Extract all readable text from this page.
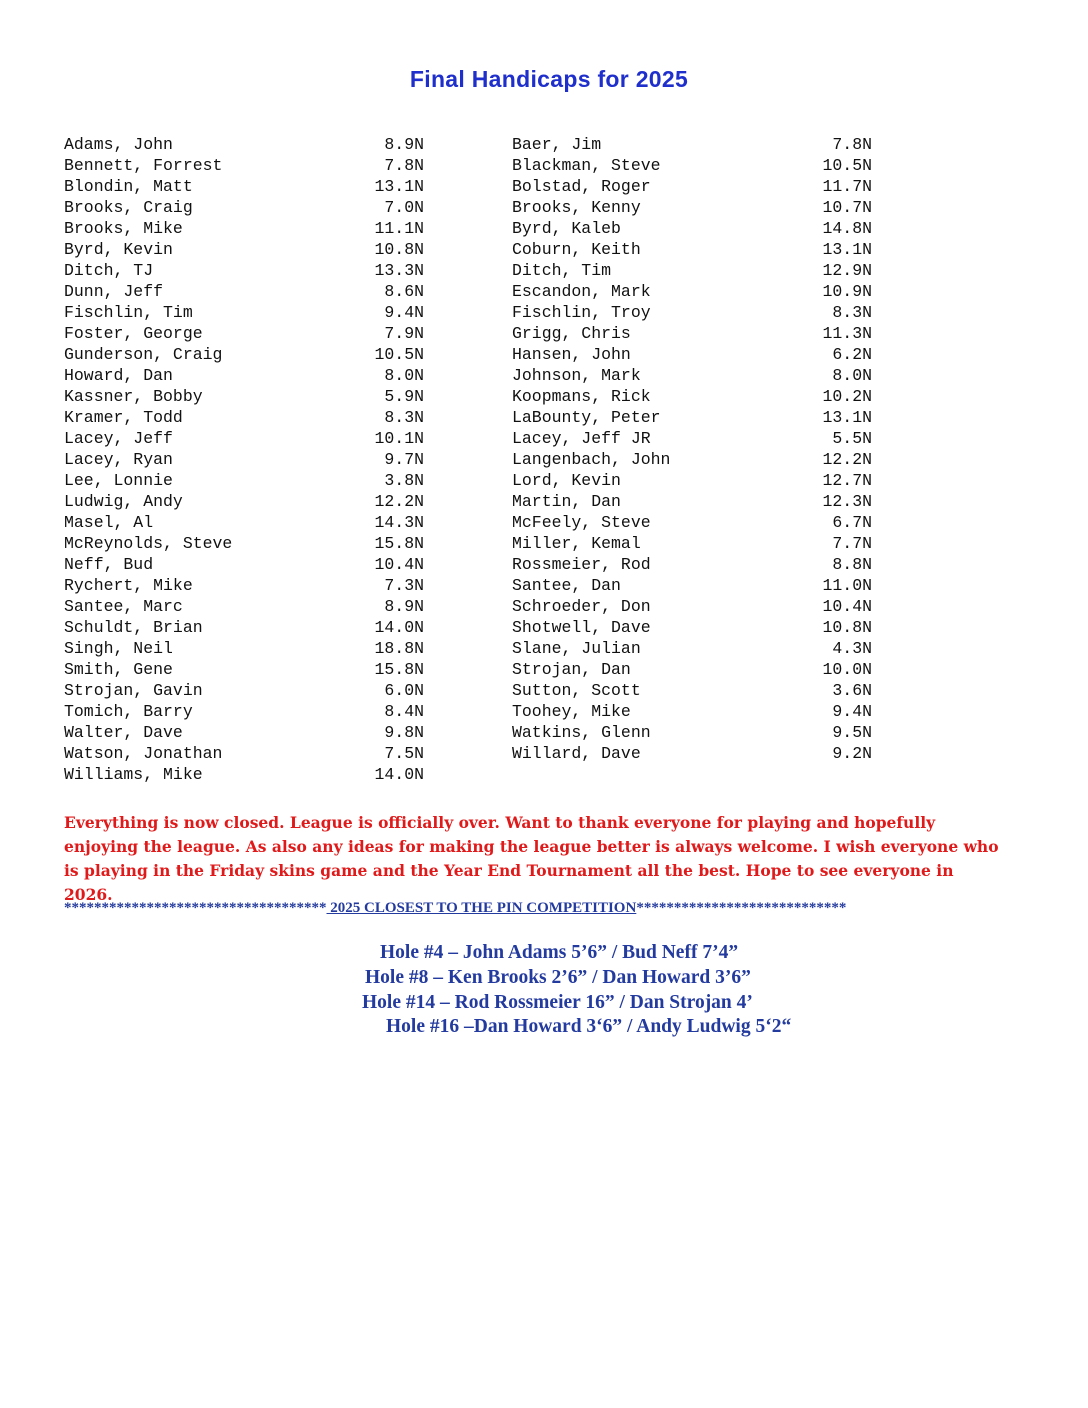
Final Handicaps for 2025
Adams, John	8.9N
Bennett, Forrest	7.8N
Blondin, Matt	13.1N
Brooks, Craig	7.0N
Brooks, Mike	11.1N
Byrd, Kevin	10.8N
Ditch, TJ	13.3N
Dunn, Jeff	8.6N
Fischlin, Tim	9.4N
Foster, George	7.9N
Gunderson, Craig	10.5N
Howard, Dan	8.0N
Kassner, Bobby	5.9N
Kramer, Todd	8.3N
Lacey, Jeff	10.1N
Lacey, Ryan	9.7N
Lee, Lonnie	3.8N
Ludwig, Andy	12.2N
Masel, Al	14.3N
McReynolds, Steve	15.8N
Neff, Bud	10.4N
Rychert, Mike	7.3N
Santee, Marc	8.9N
Schuldt, Brian	14.0N
Singh, Neil	18.8N
Smith, Gene	15.8N
Strojan, Gavin	6.0N
Tomich, Barry	8.4N
Walter, Dave	9.8N
Watson, Jonathan	7.5N
Williams, Mike	14.0N
Baer, Jim	7.8N
Blackman, Steve	10.5N
Bolstad, Roger	11.7N
Brooks, Kenny	10.7N
Byrd, Kaleb	14.8N
Coburn, Keith	13.1N
Ditch, Tim	12.9N
Escandon, Mark	10.9N
Fischlin, Troy	8.3N
Grigg, Chris	11.3N
Hansen, John	6.2N
Johnson, Mark	8.0N
Koopmans, Rick	10.2N
LaBounty, Peter	13.1N
Lacey, Jeff JR	5.5N
Langenbach, John	12.2N
Lord, Kevin	12.7N
Martin, Dan	12.3N
McFeely, Steve	6.7N
Miller, Kemal	7.7N
Rossmeier, Rod	8.8N
Santee, Dan	11.0N
Schroeder, Don	10.4N
Shotwell, Dave	10.8N
Slane, Julian	4.3N
Strojan, Dan	10.0N
Sutton, Scott	3.6N
Toohey, Mike	9.4N
Watkins, Glenn	9.5N
Willard, Dave	9.2N
Everything is now closed. League is officially over. Want to thank everyone for playing and hopefully enjoying the league. As also any ideas for making the league better is always welcome. I wish everyone who is playing in the Friday skins game and the Year End Tournament all the best. Hope to see everyone in 2026.
*********************************** 2025 CLOSEST TO THE PIN COMPETITION****************************
Hole #4 – John Adams 5’6” / Bud Neff 7’4”
Hole #8 – Ken Brooks 2’6” / Dan Howard 3’6”
Hole #14 – Rod Rossmeier 16” / Dan Strojan 4’
Hole #16 –Dan Howard 3‘6” / Andy Ludwig 5‘2“
